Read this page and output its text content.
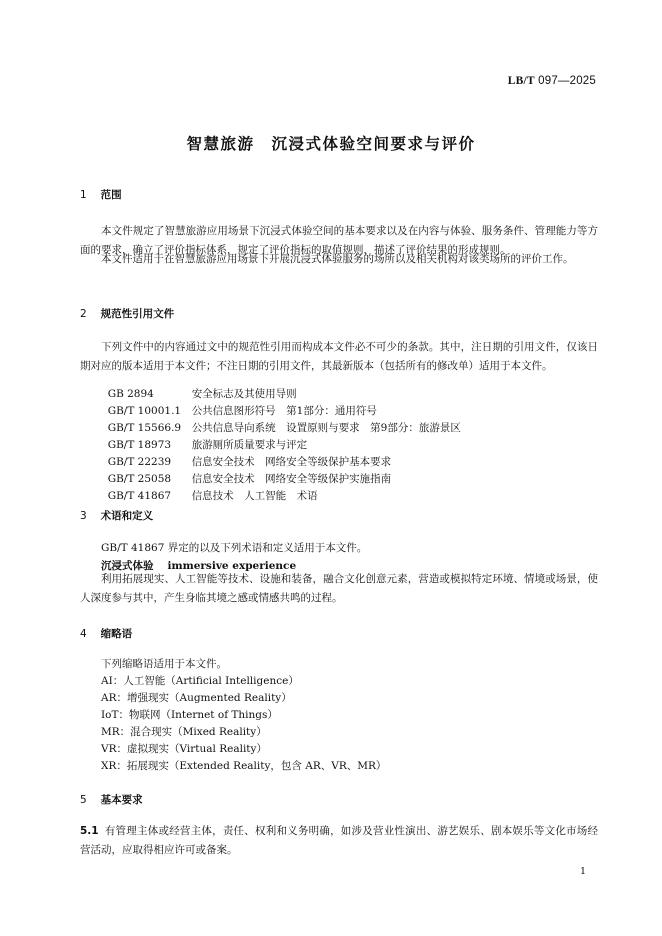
LB/T 097—2025
智慧旅游　沉浸式体验空间要求与评价
1 范围
本文件规定了智慧旅游应用场景下沉浸式体验空间的基本要求以及在内容与体验、服务条件、管理能力等方面的要求，确立了评价指标体系，规定了评价指标的取值规则，描述了评价结果的形成规则。
本文件适用于在智慧旅游应用场景下开展沉浸式体验服务的场所以及相关机构对该类场所的评价工作。
2 规范性引用文件
下列文件中的内容通过文中的规范性引用而构成本文件必不可少的条款。其中，注日期的引用文件，仅该日期对应的版本适用于本文件；不注日期的引用文件，其最新版本（包括所有的修改单）适用于本文件。

GB 2894	安全标志及其使用导则

GB/T 10001.1 公共信息图形符号　第1部分：通用符号

GB/T 15566.9 公共信息导向系统　设置原则与要求　第9部分：旅游景区

GB/T 18973 旅游厕所质量要求与评定

GB/T 22239 信息安全技术　网络安全等级保护基本要求

GB/T 25058 信息安全技术　网络安全等级保护实施指南

GB/T 41867 信息技术　人工智能　术语

3 术语和定义
GB/T 41867 界定的以及下列术语和定义适用于本文件。
沉浸式体验 immersive experience
利用拓展现实、人工智能等技术、设施和装备，融合文化创意元素，营造或模拟特定环境、情境或场景，使人深度参与其中，产生身临其境之感或情感共鸣的过程。
4 缩略语
下列缩略语适用于本文件。
AI：人工智能（Artificial Intelligence）
AR：增强现实（Augmented Reality）
IoT：物联网（Internet of Things）
MR：混合现实（Mixed Reality）
VR：虚拟现实（Virtual Reality）
XR：拓展现实（Extended Reality，包含 AR、VR、MR）
5 基本要求
5.1 有管理主体或经营主体，责任、权利和义务明确，如涉及营业性演出、游艺娱乐、剧本娱乐等文化市场经营活动，应取得相应许可或备案。
1
